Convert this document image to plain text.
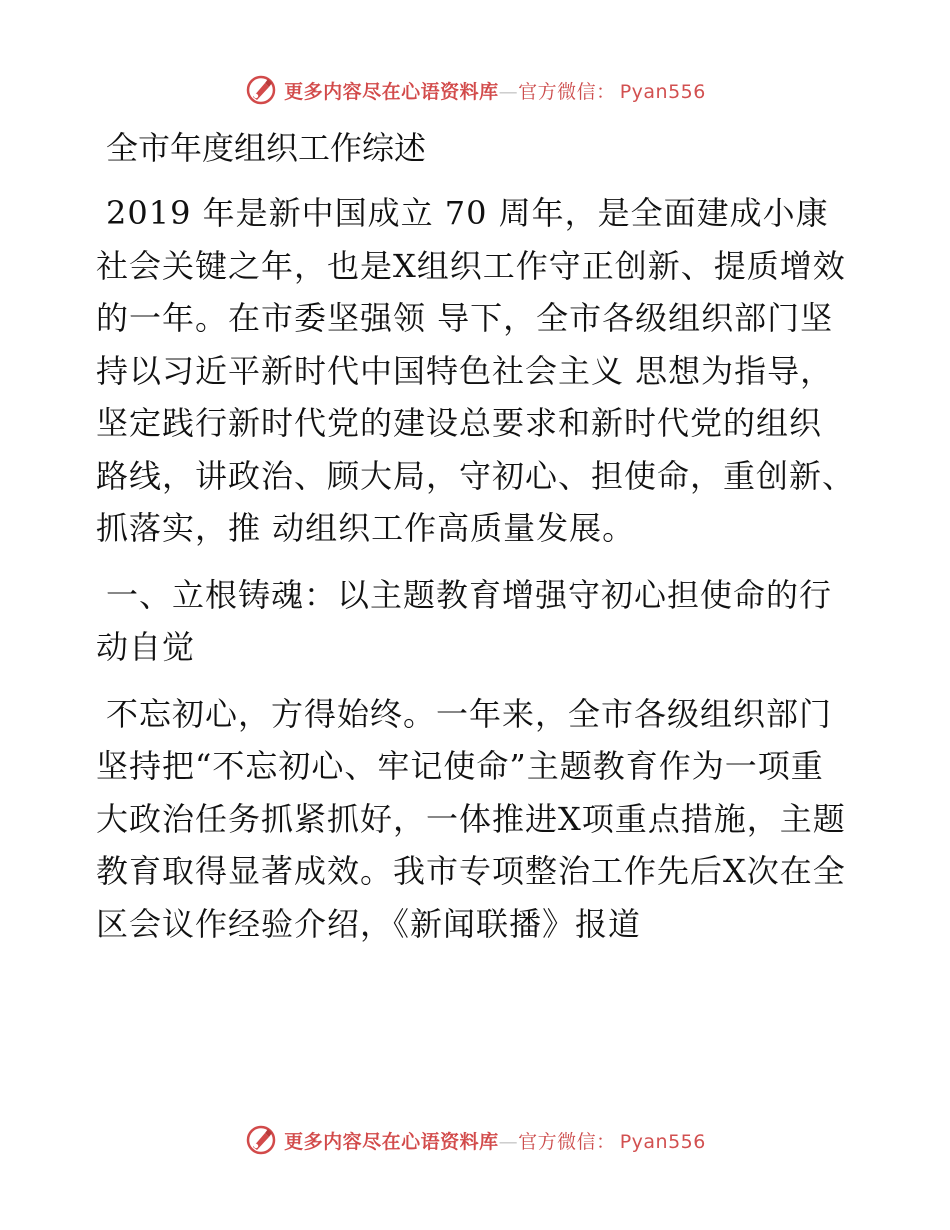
更多内容尽在心语资料库—官方微信： Pyan556
全市年度组织工作综述

2019 年是新中国成立 70 周年，是全面建成小康社会关键之年，也是X组织工作守正创新、提质增效的一年。在市委坚强领 导下，全市各级组织部门坚持以习近平新时代中国特色社会主义 思想为指导，坚定践行新时代党的建设总要求和新时代党的组织 路线，讲政治、顾大局，守初心、担使命，重创新、抓落实，推 动组织工作高质量发展。

一、立根铸魂：以主题教育增强守初心担使命的行动自觉

不忘初心，方得始终。一年来，全市各级组织部门坚持把“不忘初心、牢记使命”主题教育作为一项重大政治任务抓紧抓好，一体推进X项重点措施，主题教育取得显著成效。我市专项整治工作先后X次在全区会议作经验介绍，《新闻联播》报道

更多内容尽在心语资料库—官方微信： Pyan556
